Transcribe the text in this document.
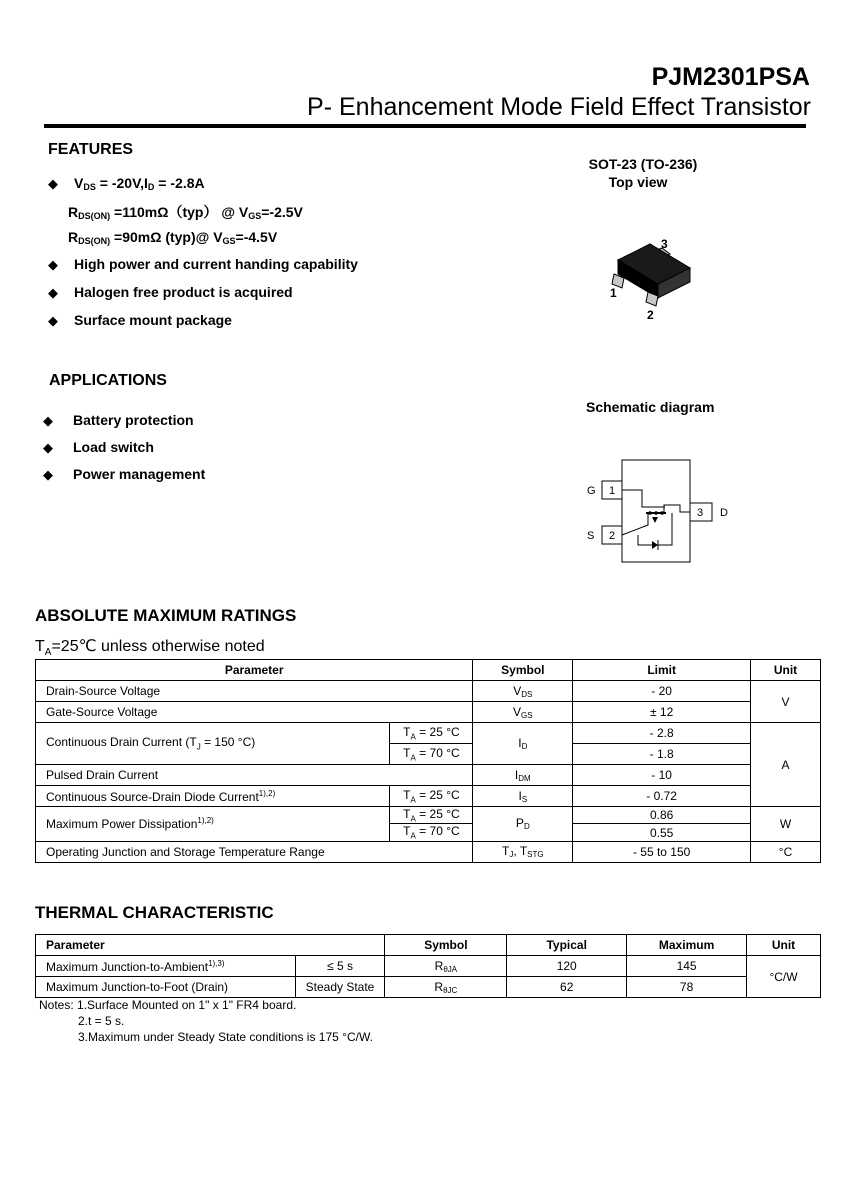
PJM2301PSA
P- Enhancement Mode Field Effect Transistor
FEATURES
◆ $V_{DS} = -20V,I_D = -2.8A$
$R_{DS(ON)} =110m\Omega(typ)$ @ $V_{GS}=-2.5V$
$R_{DS(ON)} =90m\Omega$ (typ)@ $V_{GS}=-4.5V$
◆ High power and current handing capability
◆ Halogen free product is acquired
◆ Surface mount package
APPLICATIONS
◆ Battery protection
◆ Load switch
◆ Power management
SOT-23 (TO-236)
Top view
3
1
2
Schematic diagram
G
S
D
1
2
3
ABSOLUTE MAXIMUM RATINGS
$T_A=25℃$ unless otherwise noted
Parameter		Symbol	Limit	Unit
Drain-Source Voltage		$V_{DS}$	- 20	V
Gate-Source Voltage		$V_{GS}$	± 12	
Continuous Drain Current ($T_J = 150$ °C)	$T_A = 25$ °C	$I_D$	- 2.8	A
	$T_A = 70$ °C		- 1.8	
Pulsed Drain Current		$I_{DM}$	- 10	
Continuous Source-Drain Diode Current$^{1),2)}$	$T_A = 25$ °C	$I_S$	- 0.72	
Maximum Power Dissipation$^{1),2)}$	$T_A = 25$ °C	$P_D$	0.86	W
	$T_A = 70$ °C		0.55	
Operating Junction and Storage Temperature Range		$T_J$, $T_{STG}$	- 55 to 150	°C
THERMAL CHARACTERISTIC
Parameter		Symbol	Typical	Maximum	Unit
Maximum Junction-to-Ambient$^{1),3)}$	≤ 5 s	$R_{\theta JA}$	120	145	°C/W
Maximum Junction-to-Foot (Drain)	Steady State	$R_{\theta JC}$	62	78	
Notes: 1.Surface Mounted on 1" x 1" FR4 board.
2.t = 5 s.
3.Maximum under Steady State conditions is 175 °C/W.
